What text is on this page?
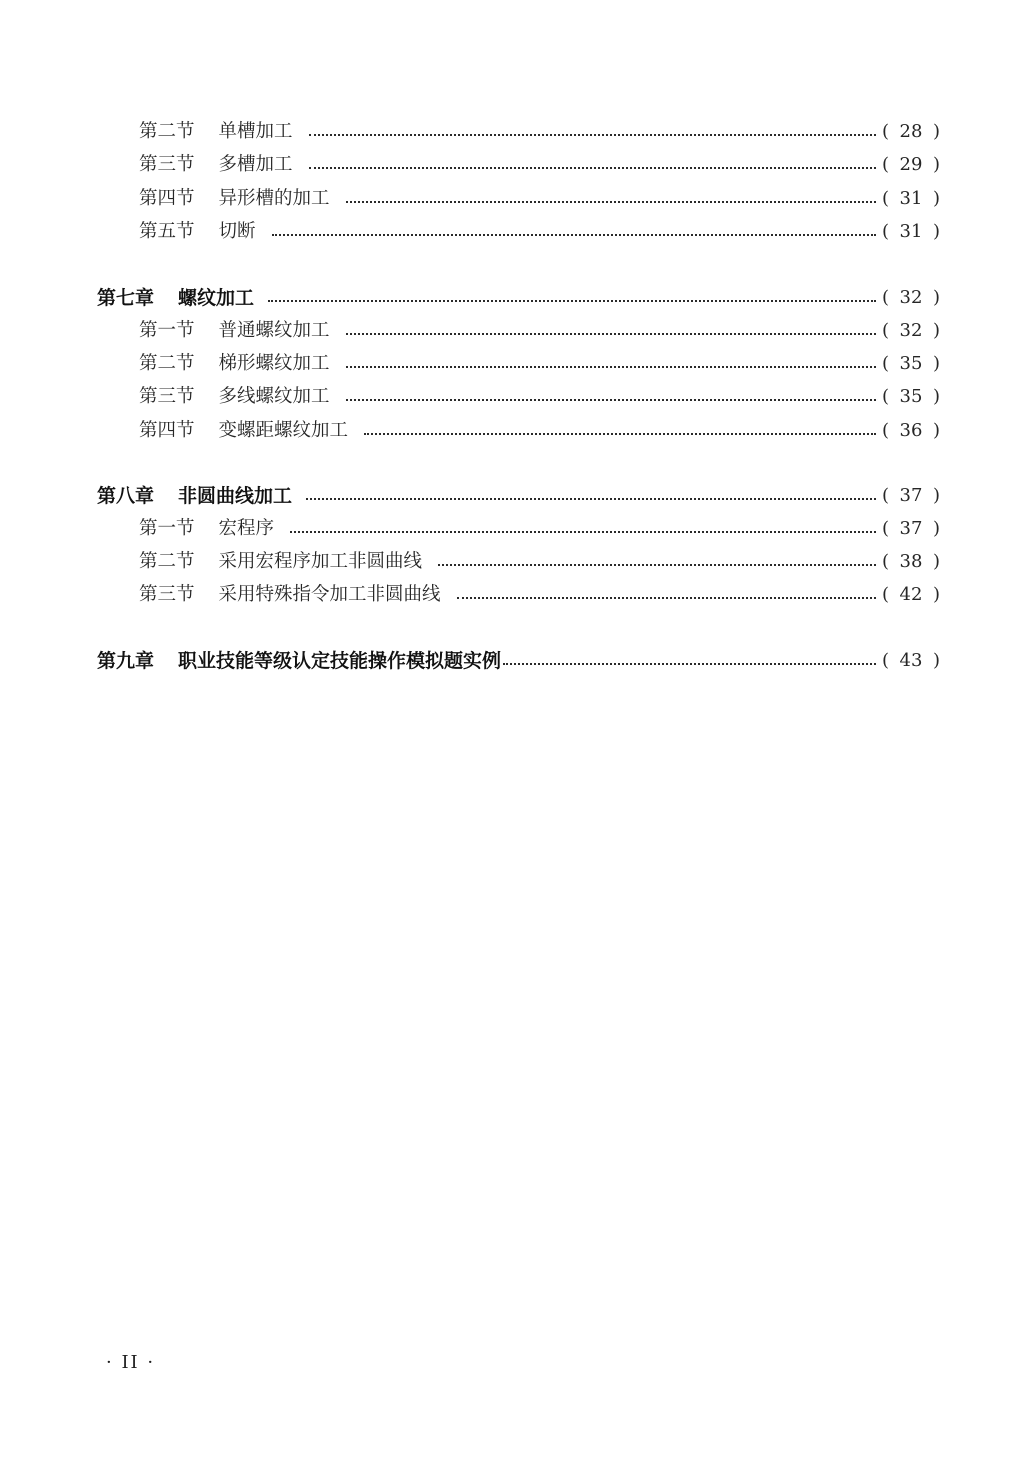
第二节 单槽加工	( 28 )
第三节 多槽加工	( 29 )
第四节 异形槽的加工	( 31 )
第五节 切断	( 31 )
第七章 螺纹加工	( 32 )
第一节 普通螺纹加工	( 32 )
第二节 梯形螺纹加工	( 35 )
第三节 多线螺纹加工	( 35 )
第四节 变螺距螺纹加工	( 36 )
第八章 非圆曲线加工	( 37 )
第一节 宏程序	( 37 )
第二节 采用宏程序加工非圆曲线	( 38 )
第三节 采用特殊指令加工非圆曲线	( 42 )
第九章 职业技能等级认定技能操作模拟题实例	( 43 )
· II ·
